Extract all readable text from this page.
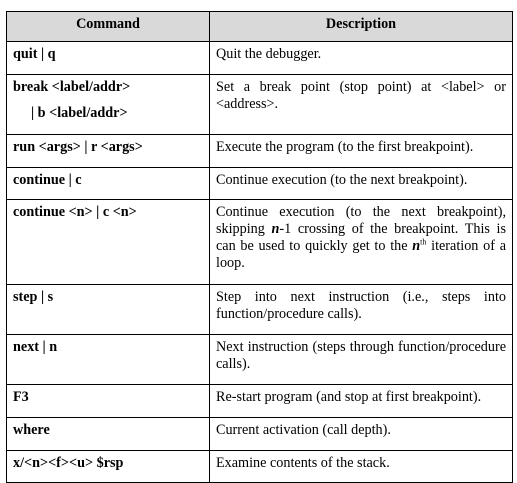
Command	Description

quit | q	Quit the debugger.

break <label/addr>
| b <label/addr>	Set a break point (stop point) at <label> or <address>.

run <args> | r <args>	Execute the program (to the first breakpoint).

continue | c	Continue execution (to the next breakpoint).

continue <n> | c <n>	Continue execution (to the next breakpoint), skipping n-1 crossing of the breakpoint. This is can be used to quickly get to the $n^{th}$ iteration of a loop.

step | s	Step into next instruction (i.e., steps into function/procedure calls).

next | n	Next instruction (steps through function/procedure calls).

F3	Re-start program (and stop at first breakpoint).

where	Current activation (call depth).

x/<n><f><u> $rsp	Examine contents of the stack.
